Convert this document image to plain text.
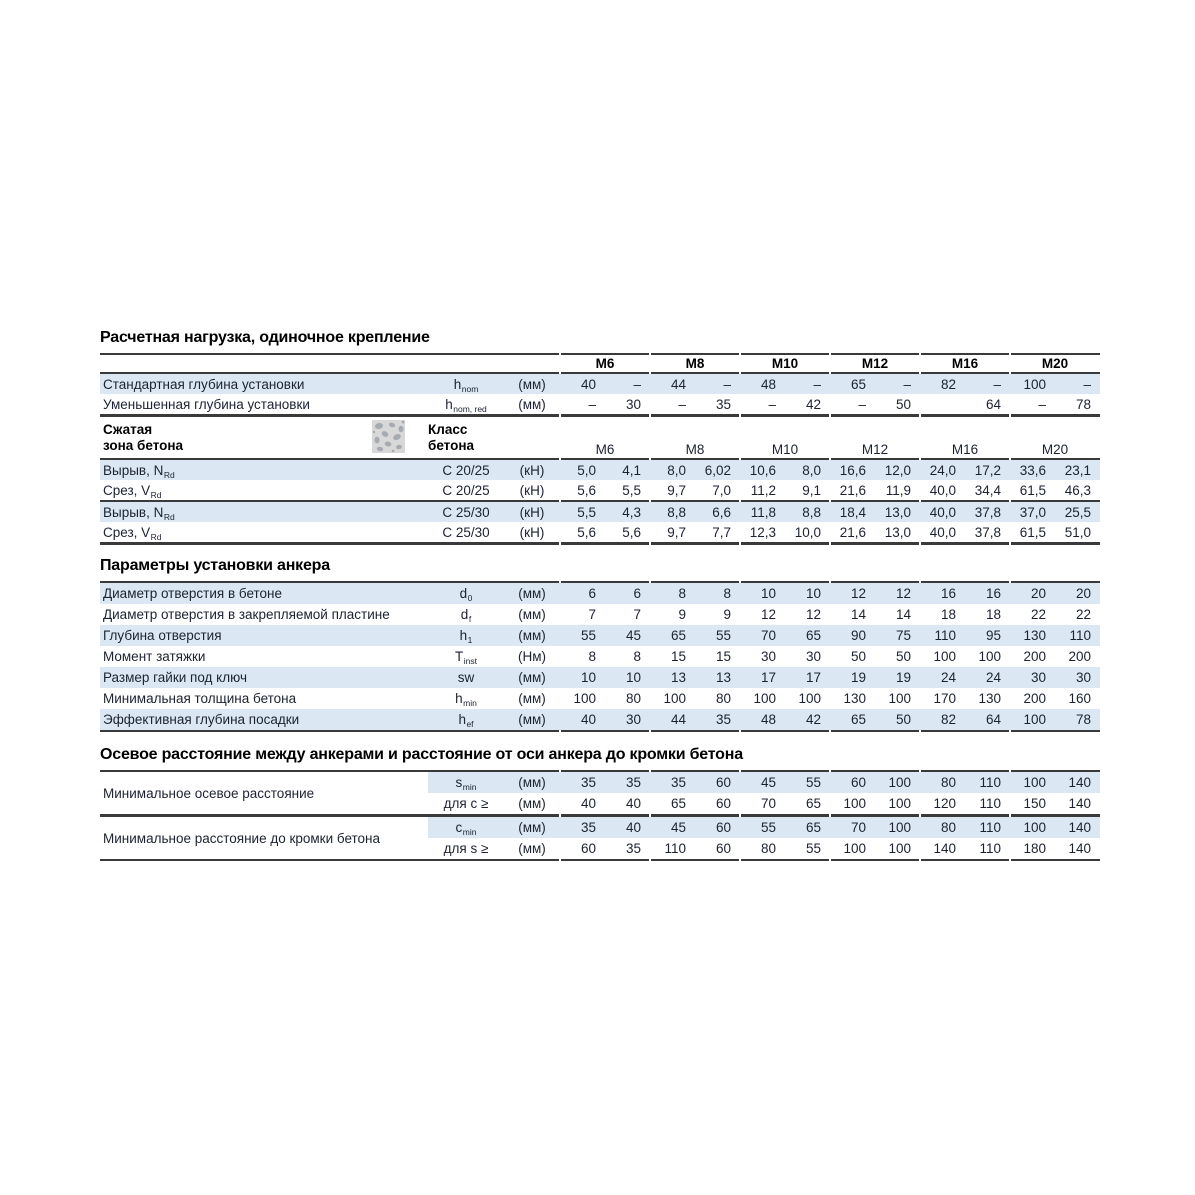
Расчетная нагрузка, одиночное крепление

			M6		M8		M10		M12		M16		M20	

Стандартная глубина установки	$h_{nom}$	(мм)	40	–	44	–	48	–	65	–	82	–	100	–
Уменьшенная глубина установки	$h_{nom, red}$	(мм)	–	30	–	35	–	42	–	50		64	–	78

Сжатая
зона бетона

Класс
бетона		M6	M8	M10	M12	M16	M20

Вырыв, $N_{Rd}$	С 20/25	(кН)	5,0	4,1	8,0	6,02	10,6	8,0	16,6	12,0	24,0	17,2	33,6	23,1
Срез, $V_{Rd}$	С 20/25	(кН)	5,6	5,5	9,7	7,0	11,2	9,1	21,6	11,9	40,0	34,4	61,5	46,3

Вырыв, $N_{Rd}$	С 25/30	(кН)	5,5	4,3	8,8	6,6	11,8	8,8	18,4	13,0	40,0	37,8	37,0	25,5
Срез, $V_{Rd}$	С 25/30	(кН)	5,6	5,6	9,7	7,7	12,3	10,0	21,6	13,0	40,0	37,8	61,5	51,0

Параметры установки анкера

Диаметр отверстия в бетоне	$d_0$	(мм)	6	6	8	8	10	10	12	12	16	16	20	20
Диаметр отверстия в закрепляемой пластине	$d_f$	(мм)	7	7	9	9	12	12	14	14	18	18	22	22
Глубина отверстия	$h_1$	(мм)	55	45	65	55	70	65	90	75	110	95	130	110
Момент затяжки	$T_{inst}$	(Нм)	8	8	15	15	30	30	50	50	100	100	200	200
Размер гайки под ключ	sw	(мм)	10	10	13	13	17	17	19	19	24	24	30	30
Минимальная толщина бетона	$h_{min}$	(мм)	100	80	100	80	100	100	130	100	170	130	200	160
Эффективная глубина посадки	$h_{ef}$	(мм)	40	30	44	35	48	42	65	50	82	64	100	78

Осевое расстояние между анкерами и расстояние от оси анкера до кромки бетона

Минимальное осевое расстояние	$s_{min}$	(мм)	35	35	35	60	45	55	60	100	80	110	100	140
	для c ≥	(мм)	40	40	65	60	70	65	100	100	120	110	150	140

Минимальное расстояние до кромки бетона	$c_{min}$	(мм)	35	40	45	60	55	65	70	100	80	110	100	140
	для s ≥	(мм)	60	35	110	60	80	55	100	100	140	110	180	140
